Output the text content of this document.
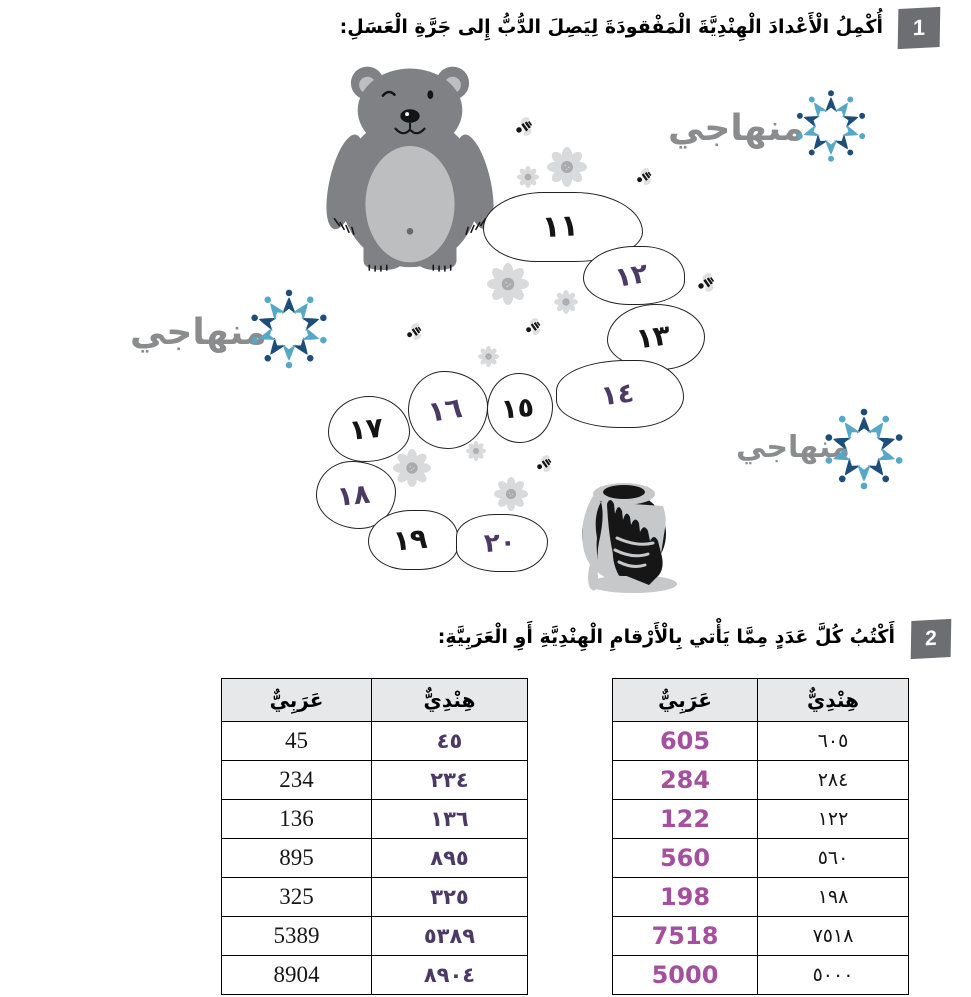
1
أُكْمِلُ الْأَعْدادَ الْهِنْدِيَّةَ الْمَفْقودَةَ لِيَصِلَ الدُّبُّ إِلى جَرَّةِ الْعَسَلِ:
منهاجي
منهاجي
منهاجي
١١
١٢
١٣
١٤
١٥
١٦
١٧
١٨
١٩ ٢٠
2
أَكْتُبُ كُلَّ عَدَدٍ مِمَّا يَأْتي بِالْأَرْقامِ الْهِنْدِيَّةِ أَوِ الْعَرَبِيَّةِ:
عَرَبِيٌّ	هِنْدِيٌّ
45	٤٥
234	٢٣٤
136	١٣٦
895	٨٩٥
325	٣٢٥
5389	٥٣٨٩
8904	٨٩٠٤
عَرَبِيٌّ	هِنْدِيٌّ
605	٦٠٥
284	٢٨٤
122	١٢٢
560	٥٦٠
198	١٩٨
7518	٧٥١٨
5000	٥٠٠٠
